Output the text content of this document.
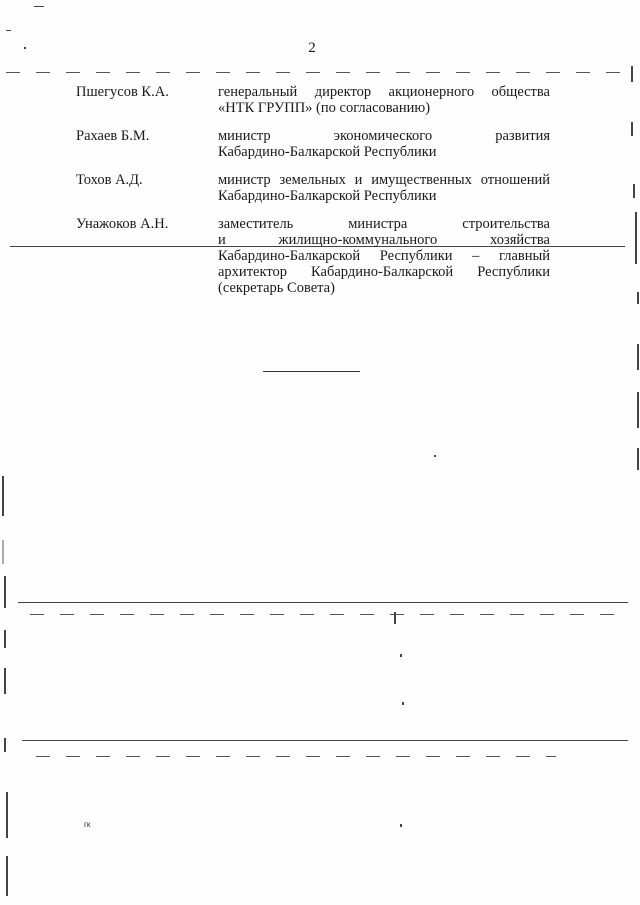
2
Пшегусов К.А.	генеральный директор акционерного общества
«НТК ГРУПП» (по согласованию)
Рахаев Б.М.	министр экономического развития
Кабардино-Балкарской Республики
Тохов А.Д.	министр земельных и имущественных отношений
Кабардино-Балкарской Республики
Унажоков А.Н.	заместитель министра строительства
и жилищно-коммунального хозяйства
Кабардино-Балкарской Республики – главный
архитектор Кабардино-Балкарской Республики
(секретарь Совета)
гк
